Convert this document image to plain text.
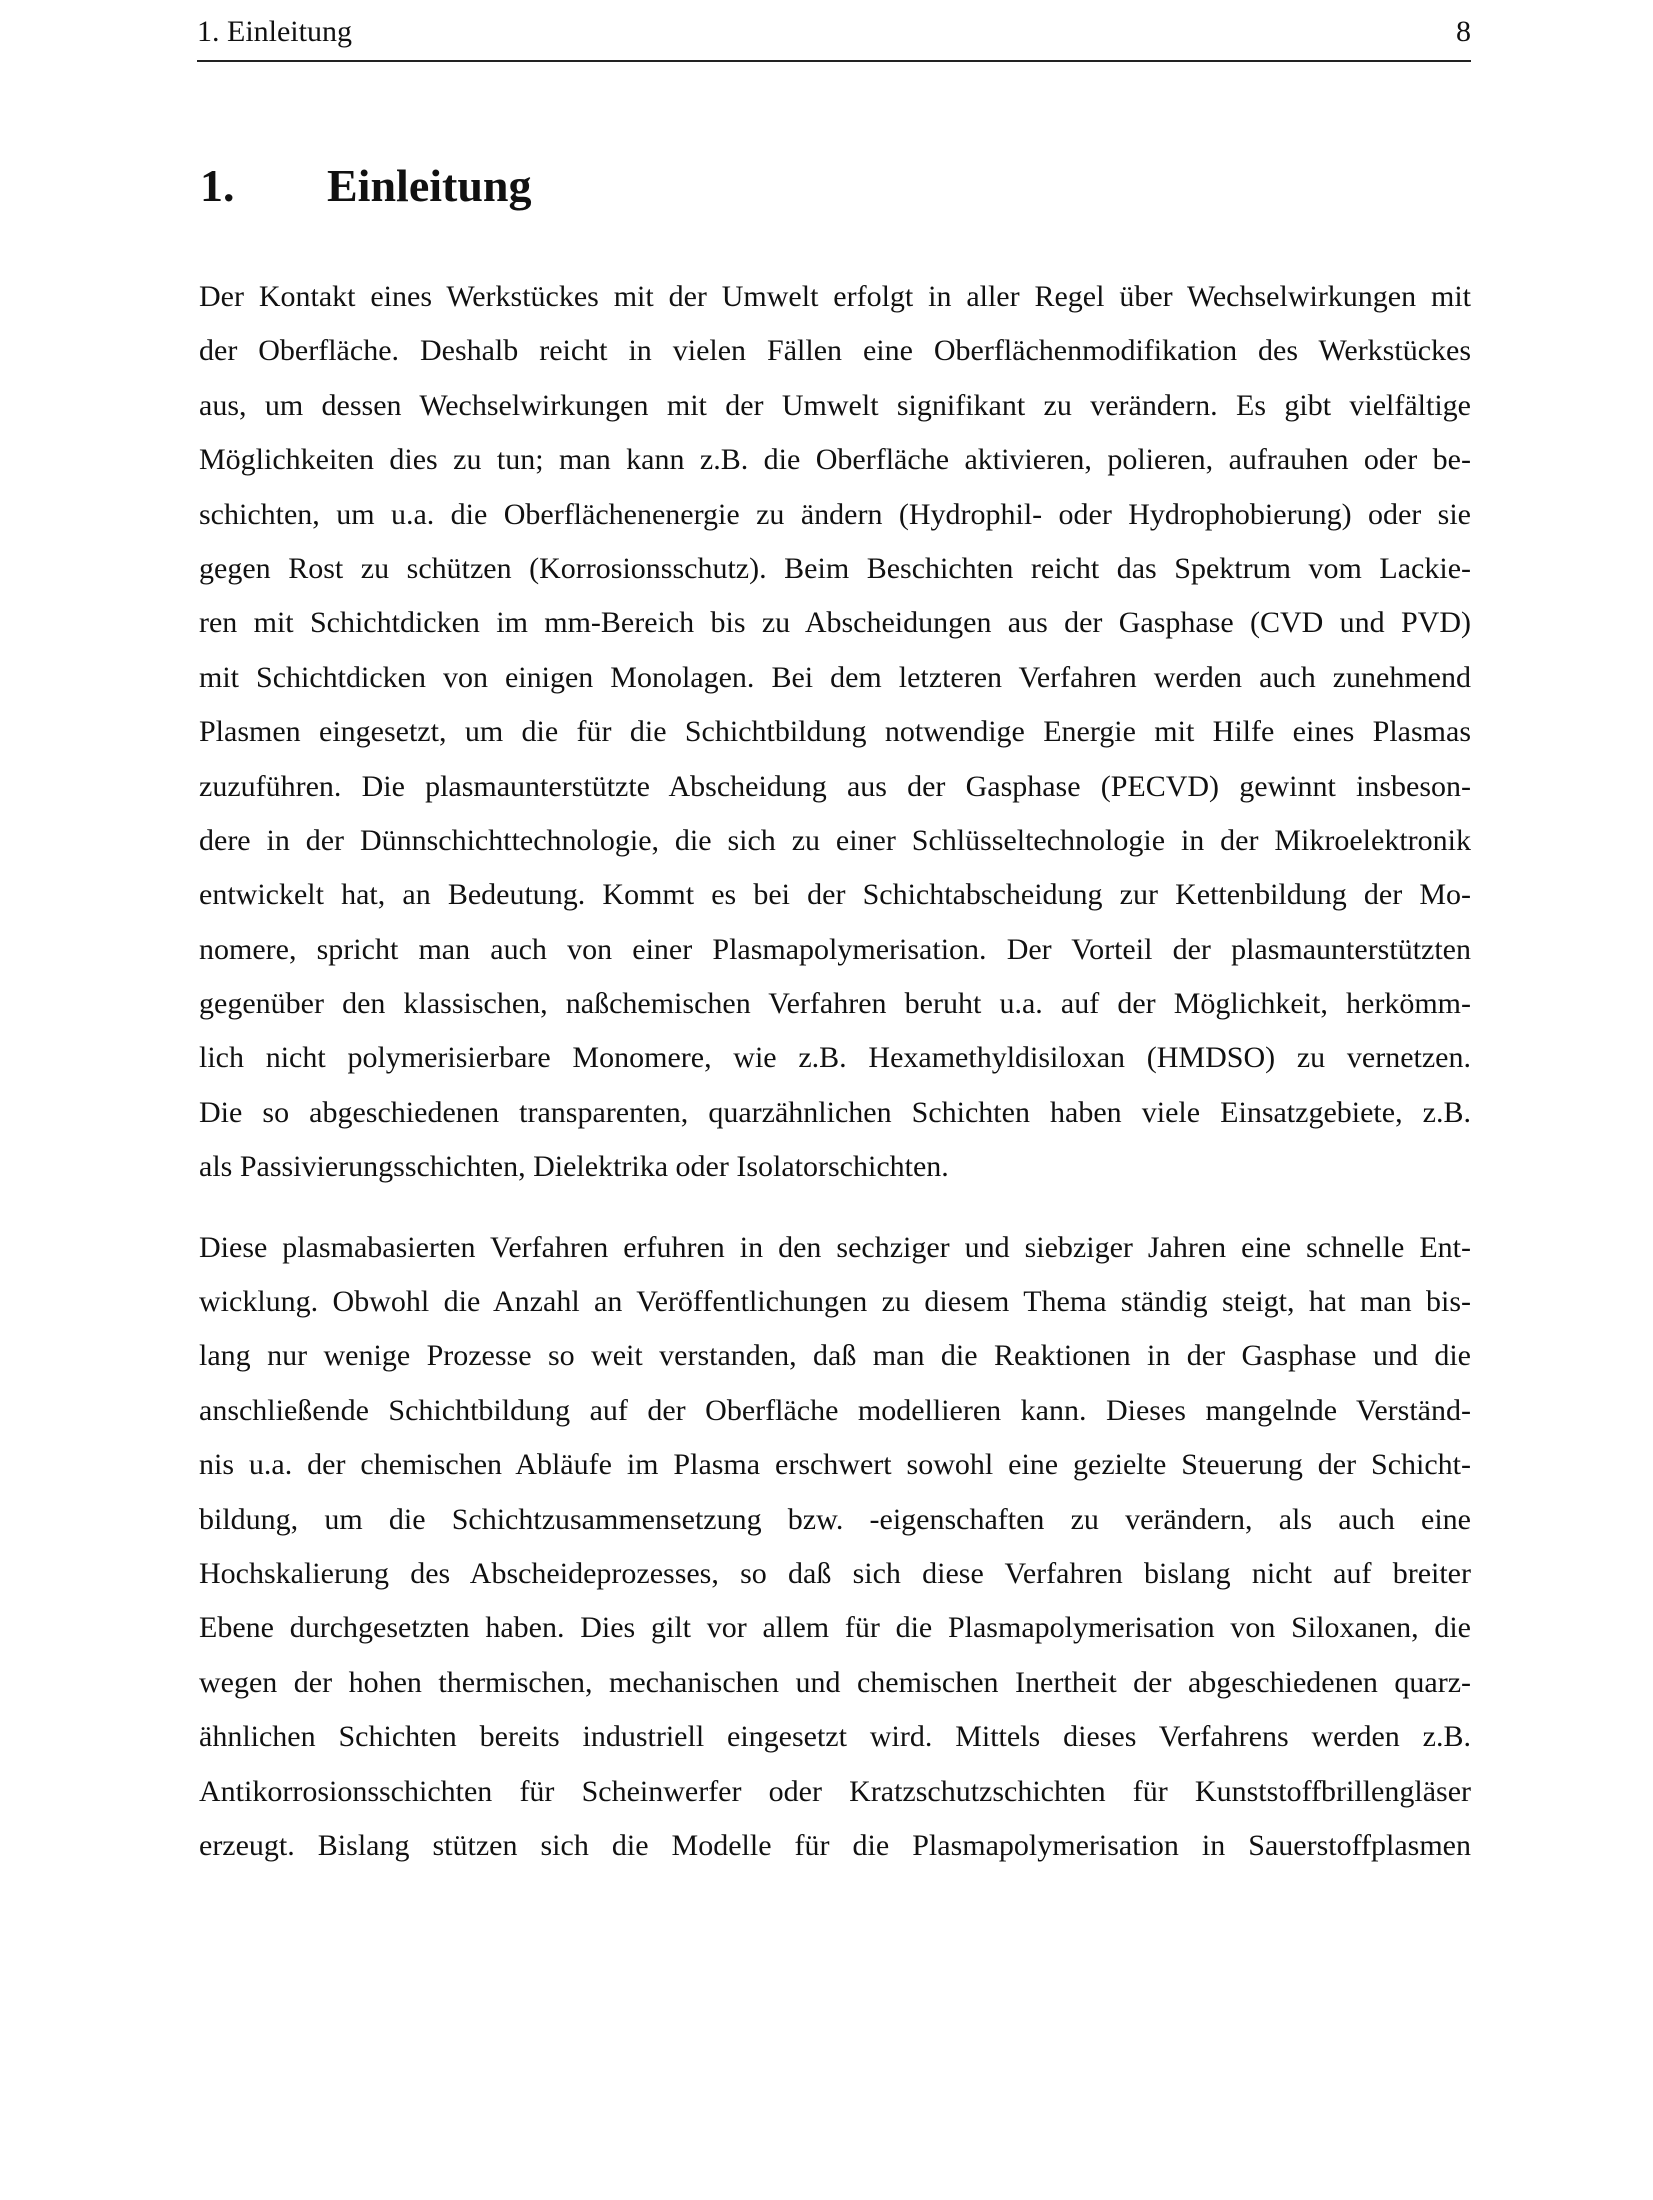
1. Einleitung	8
1. Einleitung

Der Kontakt eines Werkstückes mit der Umwelt erfolgt in aller Regel über Wechselwirkungen mit
der Oberfläche. Deshalb reicht in vielen Fällen eine Oberflächenmodifikation des Werkstückes
aus, um dessen Wechselwirkungen mit der Umwelt signifikant zu verändern. Es gibt vielfältige
Möglichkeiten dies zu tun; man kann z.B. die Oberfläche aktivieren, polieren, aufrauhen oder be-
schichten, um u.a. die Oberflächenenergie zu ändern (Hydrophil- oder Hydrophobierung) oder sie
gegen Rost zu schützen (Korrosionsschutz). Beim Beschichten reicht das Spektrum vom Lackie-
ren mit Schichtdicken im mm-Bereich bis zu Abscheidungen aus der Gasphase (CVD und PVD)
mit Schichtdicken von einigen Monolagen. Bei dem letzteren Verfahren werden auch zunehmend
Plasmen eingesetzt, um die für die Schichtbildung notwendige Energie mit Hilfe eines Plasmas
zuzuführen. Die plasmaunterstützte Abscheidung aus der Gasphase (PECVD) gewinnt insbeson-
dere in der Dünnschichttechnologie, die sich zu einer Schlüsseltechnologie in der Mikroelektronik
entwickelt hat, an Bedeutung. Kommt es bei der Schichtabscheidung zur Kettenbildung der Mo-
nomere, spricht man auch von einer Plasmapolymerisation. Der Vorteil der plasmaunterstützten
gegenüber den klassischen, naßchemischen Verfahren beruht u.a. auf der Möglichkeit, herkömm-
lich nicht polymerisierbare Monomere, wie z.B. Hexamethyldisiloxan (HMDSO) zu vernetzen.
Die so abgeschiedenen transparenten, quarzähnlichen Schichten haben viele Einsatzgebiete, z.B.
als Passivierungsschichten, Dielektrika oder Isolatorschichten.

Diese plasmabasierten Verfahren erfuhren in den sechziger und siebziger Jahren eine schnelle Ent-
wicklung. Obwohl die Anzahl an Veröffentlichungen zu diesem Thema ständig steigt, hat man bis-
lang nur wenige Prozesse so weit verstanden, daß man die Reaktionen in der Gasphase und die
anschließende Schichtbildung auf der Oberfläche modellieren kann. Dieses mangelnde Verständ-
nis u.a. der chemischen Abläufe im Plasma erschwert sowohl eine gezielte Steuerung der Schicht-
bildung, um die Schichtzusammensetzung bzw. -eigenschaften zu verändern, als auch eine
Hochskalierung des Abscheideprozesses, so daß sich diese Verfahren bislang nicht auf breiter
Ebene durchgesetzten haben. Dies gilt vor allem für die Plasmapolymerisation von Siloxanen, die
wegen der hohen thermischen, mechanischen und chemischen Inertheit der abgeschiedenen quarz-
ähnlichen Schichten bereits industriell eingesetzt wird. Mittels dieses Verfahrens werden z.B.
Antikorrosionsschichten für Scheinwerfer oder Kratzschutzschichten für Kunststoffbrillengläser
erzeugt. Bislang stützen sich die Modelle für die Plasmapolymerisation in Sauerstoffplasmen
